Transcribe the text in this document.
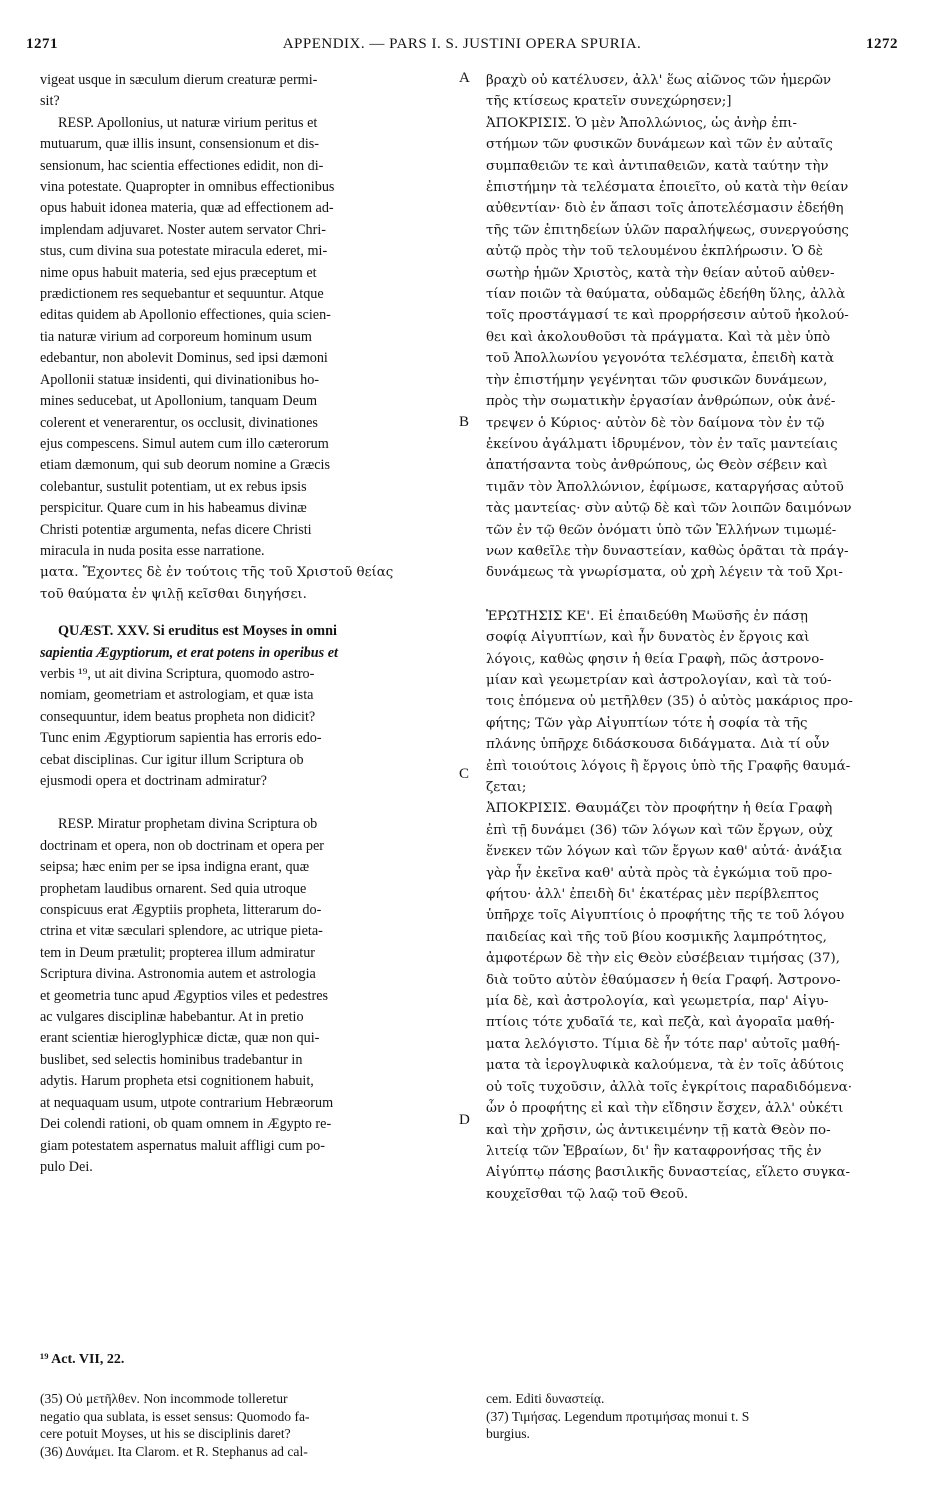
1271	APPENDIX. — PARS I. S. JUSTINI OPERA SPURIA.	1272

vigeat usque in sæculum dierum creaturæ permi-
sit?

RESP. Apollonius, ut naturæ virium peritus et
mutuarum, quæ illis insunt, consensionum et dis-
sensionum, hac scientia effectiones edidit, non di-
vina potestate. Quapropter in omnibus effectionibus
opus habuit idonea materia, quæ ad effectionem ad-
implendam adjuvaret. Noster autem servator Chri-
stus, cum divina sua potestate miracula ederet, mi-
nime opus habuit materia, sed ejus præceptum et
prædictionem res sequebantur et sequuntur. Atque
editas quidem ab Apollonio effectiones, quia scien-
tia naturæ virium ad corporeum hominum usum
edebantur, non abolevit Dominus, sed ipsi dæmoni
Apollonii statuæ insidenti, qui divinationibus ho-
mines seducebat, ut Apollonium, tanquam Deum
colerent et venerarentur, os occlusit, divinationes
ejus compescens. Simul autem cum illo cæterorum
etiam dæmonum, qui sub deorum nomine a Græcis
colebantur, sustulit potentiam, ut ex rebus ipsis
perspicitur. Quare cum in his habeamus divinæ
Christi potentiæ argumenta, nefas dicere Christi
miracula in nuda posita esse narratione.

ματα. Ἔχοντες δὲ ἐν τούτοις τῆς τοῦ Χριστοῦ θείας
τοῦ θαύματα ἐν ψιλῇ κεῖσθαι διηγήσει.

QUÆST. XXV. Si eruditus est Moyses in omni
sapientia Ægyptiorum, et erat potens in operibus et
verbis ¹⁹, ut ait divina Scriptura, quomodo astro-
nomiam, geometriam et astrologiam, et quæ ista
consequuntur, idem beatus propheta non didicit?
Tunc enim Ægyptiorum sapientia has erroris edo-
cebat disciplinas. Cur igitur illum Scriptura ob
ejusmodi opera et doctrinam admiratur?

RESP. Miratur prophetam divina Scriptura ob
doctrinam et opera, non ob doctrinam et opera per
seipsa; hæc enim per se ipsa indigna erant, quæ
prophetam laudibus ornarent. Sed quia utroque
conspicuus erat Ægyptiis propheta, litterarum do-
ctrina et vitæ sæculari splendore, ac utrique pieta-
tem in Deum prætulit; propterea illum admiratur
Scriptura divina. Astronomia autem et astrologia
et geometria tunc apud Ægyptios viles et pedestres
ac vulgares disciplinæ habebantur. At in pretio
erant scientiæ hieroglyphicæ dictæ, quæ non qui-
buslibet, sed selectis hominibus tradebantur in
adytis. Harum propheta etsi cognitionem habuit,
at nequaquam usum, utpote contrarium Hebræorum
Dei colendi rationi, ob quam omnem in Ægypto re-
giam potestatem aspernatus maluit affligi cum po-
pulo Dei.

A
B
C
D

βραχὺ οὐ κατέλυσεν, ἀλλ' ἕως αἰῶνος τῶν ἡμερῶν
τῆς κτίσεως κρατεῖν συνεχώρησεν;]

ἈΠΟΚΡΙΣΙΣ. Ὁ μὲν Ἀπολλώνιος, ὡς ἀνὴρ ἐπι-
στήμων τῶν φυσικῶν δυνάμεων καὶ τῶν ἐν αὐταῖς
συμπαθειῶν τε καὶ ἀντιπαθειῶν, κατὰ ταύτην τὴν
ἐπιστήμην τὰ τελέσματα ἐποιεῖτο, οὐ κατὰ τὴν θείαν
αὐθεντίαν· διὸ ἐν ἅπασι τοῖς ἀποτελέσμασιν ἐδεήθη
τῆς τῶν ἐπιτηδείων ὑλῶν παραλήψεως, συνεργούσης
αὐτῷ πρὸς τὴν τοῦ τελουμένου ἐκπλήρωσιν. Ὁ δὲ
σωτὴρ ἡμῶν Χριστὸς, κατὰ τὴν θείαν αὐτοῦ αὐθεν-
τίαν ποιῶν τὰ θαύματα, οὐδαμῶς ἐδεήθη ὕλης, ἀλλὰ
τοῖς προστάγμασί τε καὶ προρρήσεσιν αὐτοῦ ἠκολού-
θει καὶ ἀκολουθοῦσι τὰ πράγματα. Καὶ τὰ μὲν ὑπὸ
τοῦ Ἀπολλωνίου γεγονότα τελέσματα, ἐπειδὴ κατὰ
τὴν ἐπιστήμην γεγένηται τῶν φυσικῶν δυνάμεων,
πρὸς τὴν σωματικὴν ἐργασίαν ἀνθρώπων, οὐκ ἀνέ-
τρεψεν ὁ Κύριος· αὐτὸν δὲ τὸν δαίμονα τὸν ἐν τῷ
ἐκείνου ἀγάλματι ἱδρυμένον, τὸν ἐν ταῖς μαντείαις
ἀπατήσαντα τοὺς ἀνθρώπους, ὡς Θεὸν σέβειν καὶ
τιμᾶν τὸν Ἀπολλώνιον, ἐφίμωσε, καταργήσας αὐτοῦ
τὰς μαντείας· σὺν αὐτῷ δὲ καὶ τῶν λοιπῶν δαιμόνων
τῶν ἐν τῷ θεῶν ὀνόματι ὑπὸ τῶν Ἑλλήνων τιμωμέ-
νων καθεῖλε τὴν δυναστείαν, καθὼς ὁρᾶται τὰ πράγ-
δυνάμεως τὰ γνωρίσματα, οὐ χρὴ λέγειν τὰ τοῦ Χρι-

ἘΡΩΤΗΣΙΣ ΚΕ'. Εἰ ἐπαιδεύθη Μωϋσῆς ἐν πάσῃ
σοφίᾳ Αἰγυπτίων, καὶ ἦν δυνατὸς ἐν ἔργοις καὶ
λόγοις, καθὼς φησιν ἡ θεία Γραφὴ, πῶς ἀστρονο-
μίαν καὶ γεωμετρίαν καὶ ἀστρολογίαν, καὶ τὰ τού-
τοις ἑπόμενα οὐ μετῆλθεν (35) ὁ αὐτὸς μακάριος προ-
φήτης; Τῶν γὰρ Αἰγυπτίων τότε ἡ σοφία τὰ τῆς
πλάνης ὑπῆρχε διδάσκουσα διδάγματα. Διὰ τί οὖν
ἐπὶ τοιούτοις λόγοις ἢ ἔργοις ὑπὸ τῆς Γραφῆς θαυμά-
ζεται;

ἈΠΟΚΡΙΣΙΣ. Θαυμάζει τὸν προφήτην ἡ θεία Γραφὴ
ἐπὶ τῇ δυνάμει (36) τῶν λόγων καὶ τῶν ἔργων, οὐχ
ἕνεκεν τῶν λόγων καὶ τῶν ἔργων καθ' αὐτά· ἀνάξια
γὰρ ἦν ἐκεῖνα καθ' αὐτὰ πρὸς τὰ ἐγκώμια τοῦ προ-
φήτου· ἀλλ' ἐπειδὴ δι' ἑκατέρας μὲν περίβλεπτος
ὑπῆρχε τοῖς Αἰγυπτίοις ὁ προφήτης τῆς τε τοῦ λόγου
παιδείας καὶ τῆς τοῦ βίου κοσμικῆς λαμπρότητος,
ἀμφοτέρων δὲ τὴν εἰς Θεὸν εὐσέβειαν τιμήσας (37),
διὰ τοῦτο αὐτὸν ἐθαύμασεν ἡ θεία Γραφή. Ἀστρονο-
μία δὲ, καὶ ἀστρολογία, καὶ γεωμετρία, παρ' Αἰγυ-
πτίοις τότε χυδαῖά τε, καὶ πεζὰ, καὶ ἀγοραῖα μαθή-
ματα λελόγιστο. Τίμια δὲ ἦν τότε παρ' αὐτοῖς μαθή-
ματα τὰ ἱερογλυφικὰ καλούμενα, τὰ ἐν τοῖς ἀδύτοις
οὐ τοῖς τυχοῦσιν, ἀλλὰ τοῖς ἐγκρίτοις παραδιδόμενα·
ὧν ὁ προφήτης εἰ καὶ τὴν εἴδησιν ἔσχεν, ἀλλ' οὐκέτι
καὶ τὴν χρῆσιν, ὡς ἀντικειμένην τῇ κατὰ Θεὸν πο-
λιτείᾳ τῶν Ἑβραίων, δι' ἣν καταφρονήσας τῆς ἐν
Αἰγύπτῳ πάσης βασιλικῆς δυναστείας, εἵλετο συγκα-
κουχεῖσθαι τῷ λαῷ τοῦ Θεοῦ.

¹⁹ Act. VII, 22.
(35) Οὐ μετῆλθεν. Non incommode tolleretur
negatio qua sublata, is esset sensus: Quomodo fa-
cere potuit Moyses, ut his se disciplinis daret?
(36) Δυνάμει. Ita Clarom. et R. Stephanus ad cal-
cem. Editi δυναστείᾳ.
(37) Τιμήσας. Legendum προτιμήσας monui t. S
burgius.
